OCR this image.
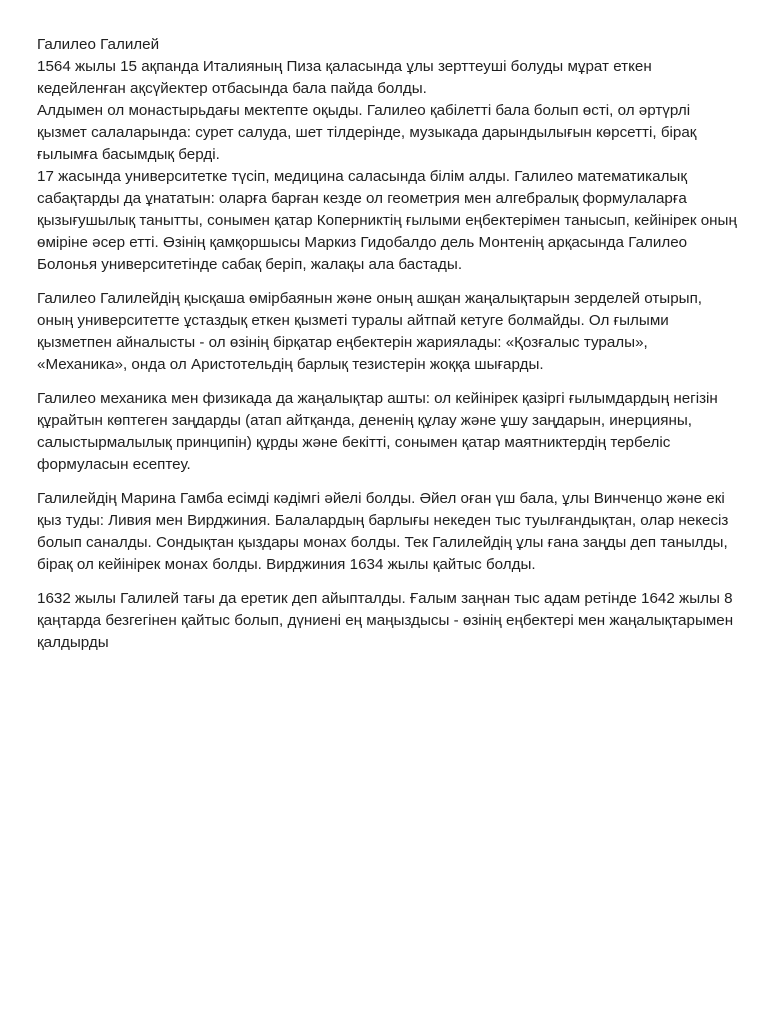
Галилео Галилей

1564 жылы 15 ақпанда Италияның Пиза қаласында ұлы зерттеуші болуды мұрат еткен кедейленған ақсүйектер отбасында бала пайда болды.

Алдымен ол монастырьдағы мектепте оқыды. Галилео қабілетті бала болып өсті, ол әртүрлі қызмет салаларында: сурет салуда, шет тілдерінде, музыкада дарындылығын көрсетті, бірақ ғылымға басымдық берді.

17 жасында университетке түсіп, медицина саласында білім алды. Галилео математикалық сабақтарды да ұнататын: оларға барған кезде ол геометрия мен алгебралық формулаларға қызығушылық танытты, сонымен қатар Коперниктің ғылыми еңбектерімен танысып, кейінірек оның өміріне әсер етті. Өзінің қамқоршысы Маркиз Гидобалдо дель Монтенің арқасында Галилео Болонья университетінде сабақ беріп, жалақы ала бастады.

Галилео Галилейдің қысқаша өмірбаянын және оның ашқан жаңалықтарын зерделей отырып, оның университетте ұстаздық еткен қызметі туралы айтпай кетуге болмайды. Ол ғылыми қызметпен айналысты - ол өзінің бірқатар еңбектерін жариялады: «Қозғалыс туралы», «Механика», онда ол Аристотельдің барлық тезистерін жоққа шығарды.

Галилео механика мен физикада да жаңалықтар ашты: ол кейінірек қазіргі ғылымдардың негізін құрайтын көптеген заңдарды (атап айтқанда, дененің құлау және ұшу заңдарын, инерцияны, салыстырмалылық принципін) құрды және бекітті, сонымен қатар маятниктердің тербеліс формуласын есептеу.

Галилейдің Марина Гамба есімді кәдімгі әйелі болды. Әйел оған үш бала, ұлы Винченцо және екі қыз туды: Ливия мен Вирджиния. Балалардың барлығы некеден тыс туылғандықтан, олар некесіз болып саналды. Сондықтан қыздары монах болды. Тек Галилейдің ұлы ғана заңды деп танылды, бірақ ол кейінірек монах болды. Вирджиния 1634 жылы қайтыс болды.

1632 жылы Галилей тағы да еретик деп айыпталды. Ғалым заңнан тыс адам ретінде 1642 жылы 8 қаңтарда безгегінен қайтыс болып, дүниені ең маңыздысы - өзінің еңбектері мен жаңалықтарымен қалдырды
